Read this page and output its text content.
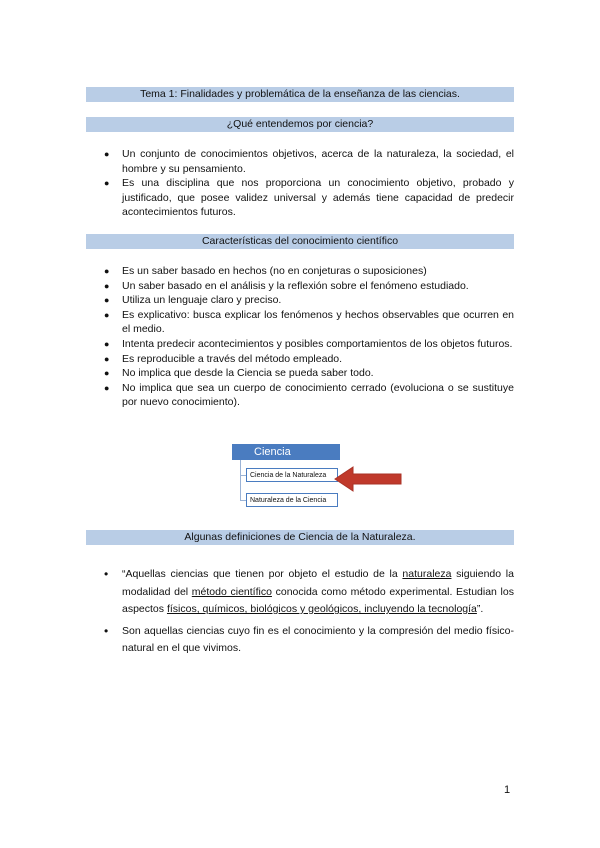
Tema 1: Finalidades y problemática de la enseñanza de las ciencias.
¿Qué entendemos por ciencia?
● Un conjunto de conocimientos objetivos, acerca de la naturaleza, la sociedad, el hombre y su pensamiento.
● Es una disciplina que nos proporciona un conocimiento objetivo, probado y justificado, que posee validez universal y además tiene capacidad de predecir acontecimientos futuros.
Características del conocimiento científico
● Es un saber basado en hechos (no en conjeturas o suposiciones)
● Un saber basado en el análisis y la reflexión sobre el fenómeno estudiado.
● Utiliza un lenguaje claro y preciso.
● Es explicativo: busca explicar los fenómenos y hechos observables que ocurren en el medio.
● Intenta predecir acontecimientos y posibles comportamientos de los objetos futuros.
● Es reproducible a través del método empleado.
● No implica que desde la Ciencia se pueda saber todo.
● No implica que sea un cuerpo de conocimiento cerrado (evoluciona o se sustituye por nuevo conocimiento).
Ciencia
Ciencia de la Naturaleza
Naturaleza de la Ciencia
Algunas definiciones de Ciencia de la Naturaleza.
• “Aquellas ciencias que tienen por objeto el estudio de la naturaleza siguiendo la modalidad del método científico conocida como método experimental. Estudian los aspectos físicos, químicos, biológicos y geológicos, incluyendo la tecnología”.
• Son aquellas ciencias cuyo fin es el conocimiento y la compresión del medio físico-natural en el que vivimos.
1
